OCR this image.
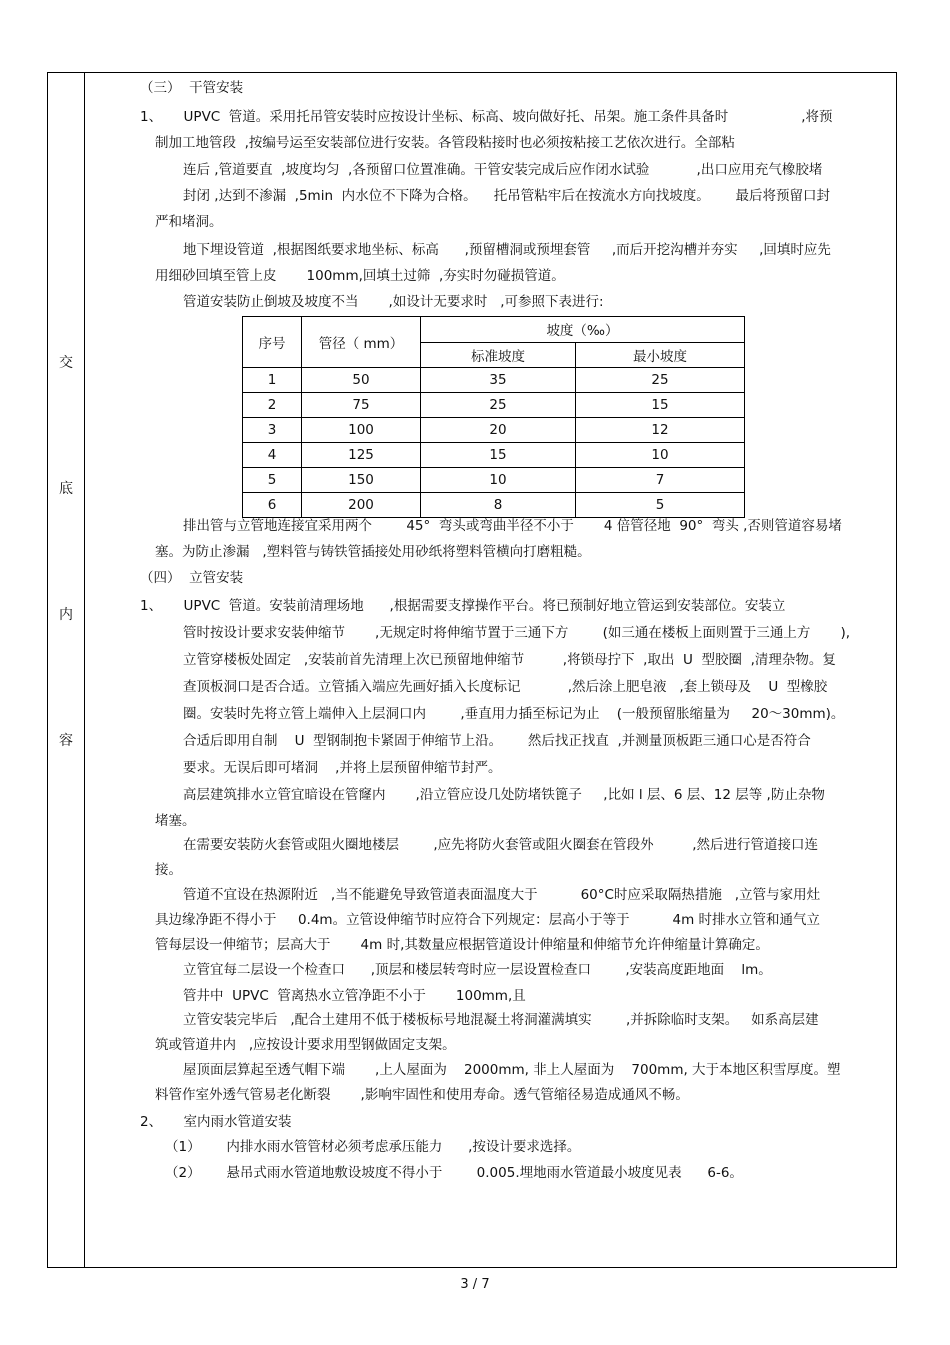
交
底
内
容
（三）  干管安装
1、     UPVC  管道。采用托吊管安装时应按设计坐标、标高、坡向做好托、吊架。施工条件具备时                 ,将预
制加工地管段  ,按编号运至安装部位进行安装。各管段粘接时也必须按粘接工艺依次进行。全部粘
连后 ,管道要直  ,坡度均匀  ,各预留口位置准确。干管安装完成后应作闭水试验           ,出口应用充气橡胶堵
封闭 ,达到不渗漏  ,5min  内水位不下降为合格。    托吊管粘牢后在按流水方向找坡度。      最后将预留口封
严和堵洞。
地下埋设管道  ,根据图纸要求地坐标、标高      ,预留槽洞或预埋套管     ,而后开挖沟槽并夯实     ,回填时应先
用细砂回填至管上皮       100mm,回填土过筛  ,夯实时勿碰损管道。
管道安装防止倒坡及坡度不当       ,如设计无要求时   ,可参照下表进行:
序号	管径（ mm）	坡度（‰）	
		标准坡度	最小坡度
1	50	35	25
2	75	25	15
3	100	20	12
4	125	15	10
5	150	10	7
6	200	8	5
排出管与立管地连接宜采用两个        45°  弯头或弯曲半径不小于       4 倍管径地  90°  弯头 ,否则管道容易堵
塞。为防止渗漏   ,塑料管与铸铁管插接处用砂纸将塑料管横向打磨粗糙。
（四）  立管安装
1、     UPVC  管道。安装前清理场地      ,根据需要支撑操作平台。将已预制好地立管运到安装部位。安装立
管时按设计要求安装伸缩节       ,无规定时将伸缩节置于三通下方        (如三通在楼板上面则置于三通上方       ),
立管穿楼板处固定   ,安装前首先清理上次已预留地伸缩节         ,将锁母拧下  ,取出  U  型胶圈  ,清理杂物。复
查顶板洞口是否合适。立管插入端应先画好插入长度标记           ,然后涂上肥皂液   ,套上锁母及    U  型橡胶
圈。安装时先将立管上端伸入上层洞口内        ,垂直用力插至标记为止    (一般预留胀缩量为     20～30mm)。
合适后即用自制    U  型钢制抱卡紧固于伸缩节上沿。      然后找正找直  ,并测量顶板距三通口心是否符合
要求。无误后即可堵洞    ,并将上层预留伸缩节封严。
高层建筑排水立管宜暗设在管窿内       ,沿立管应设几处防堵铁篦子     ,比如 l 层、6 层、12 层等 ,防止杂物
堵塞。
在需要安装防火套管或阻火圈地楼层        ,应先将防火套管或阻火圈套在管段外         ,然后进行管道接口连
接。
管道不宜设在热源附近   ,当不能避免导致管道表面温度大于          60°C时应采取隔热措施   ,立管与家用灶
具边缘净距不得小于     0.4m。立管设伸缩节时应符合下列规定：层高小于等于          4m 时排水立管和通气立
管每层设一伸缩节；层高大于       4m 时,其数量应根据管道设计伸缩量和伸缩节允许伸缩量计算确定。
立管宜每二层设一个检查口      ,顶层和楼层转弯时应一层设置检查口        ,安装高度距地面    lm。
管井中  UPVC  管离热水立管净距不小于       100mm,且
立管安装完毕后   ,配合土建用不低于楼板标号地混凝土将洞灌满填实        ,并拆除临时支架。   如系高层建
筑或管道井内   ,应按设计要求用型钢做固定支架。
屋顶面层算起至透气帽下端       ,上人屋面为    2000mm, 非上人屋面为    700mm, 大于本地区积雪厚度。塑
料管作室外透气管易老化断裂       ,影响牢固性和使用寿命。透气管缩径易造成通风不畅。
2、     室内雨水管道安装
（1）      内排水雨水管管材必须考虑承压能力      ,按设计要求选择。
（2）      悬吊式雨水管道地敷设坡度不得小于        0.005.埋地雨水管道最小坡度见表      6-6。
3 / 7
